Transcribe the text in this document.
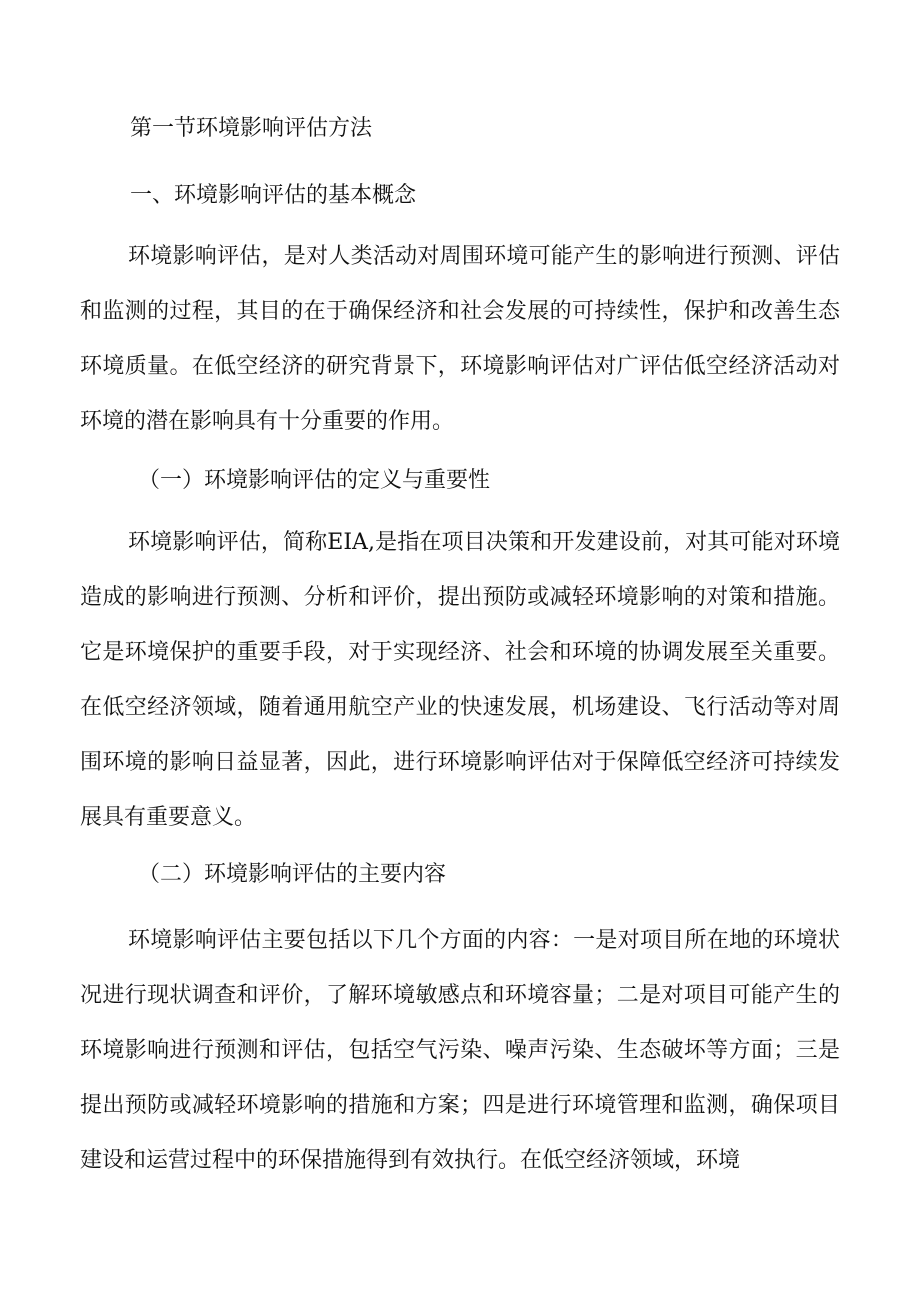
第一节环境影响评估方法
一、环境影响评估的基本概念

环境影响评估，是对人类活动对周围环境可能产生的影响进行预测、评估和监测的过程，其目的在于确保经济和社会发展的可持续性，保护和改善生态环境质量。在低空经济的研究背景下，环境影响评估对广评估低空经济活动对环境的潜在影响具有十分重要的作用。

（一）环境影响评估的定义与重要性

环境影响评估，简称EIA,是指在项目决策和开发建设前，对其可能对环境造成的影响进行预测、分析和评价，提出预防或减轻环境影响的对策和措施。它是环境保护的重要手段，对于实现经济、社会和环境的协调发展至关重要。在低空经济领域，随着通用航空产业的快速发展，机场建设、飞行活动等对周围环境的影响日益显著，因此，进行环境影响评估对于保障低空经济可持续发展具有重要意义。

（二）环境影响评估的主要内容

环境影响评估主要包括以下几个方面的内容：一是对项目所在地的环境状况进行现状调查和评价，了解环境敏感点和环境容量；二是对项目可能产生的环境影响进行预测和评估，包括空气污染、噪声污染、生态破坏等方面；三是提出预防或减轻环境影响的措施和方案；四是进行环境管理和监测，确保项目建设和运营过程中的环保措施得到有效执行。在低空经济领域，环境
